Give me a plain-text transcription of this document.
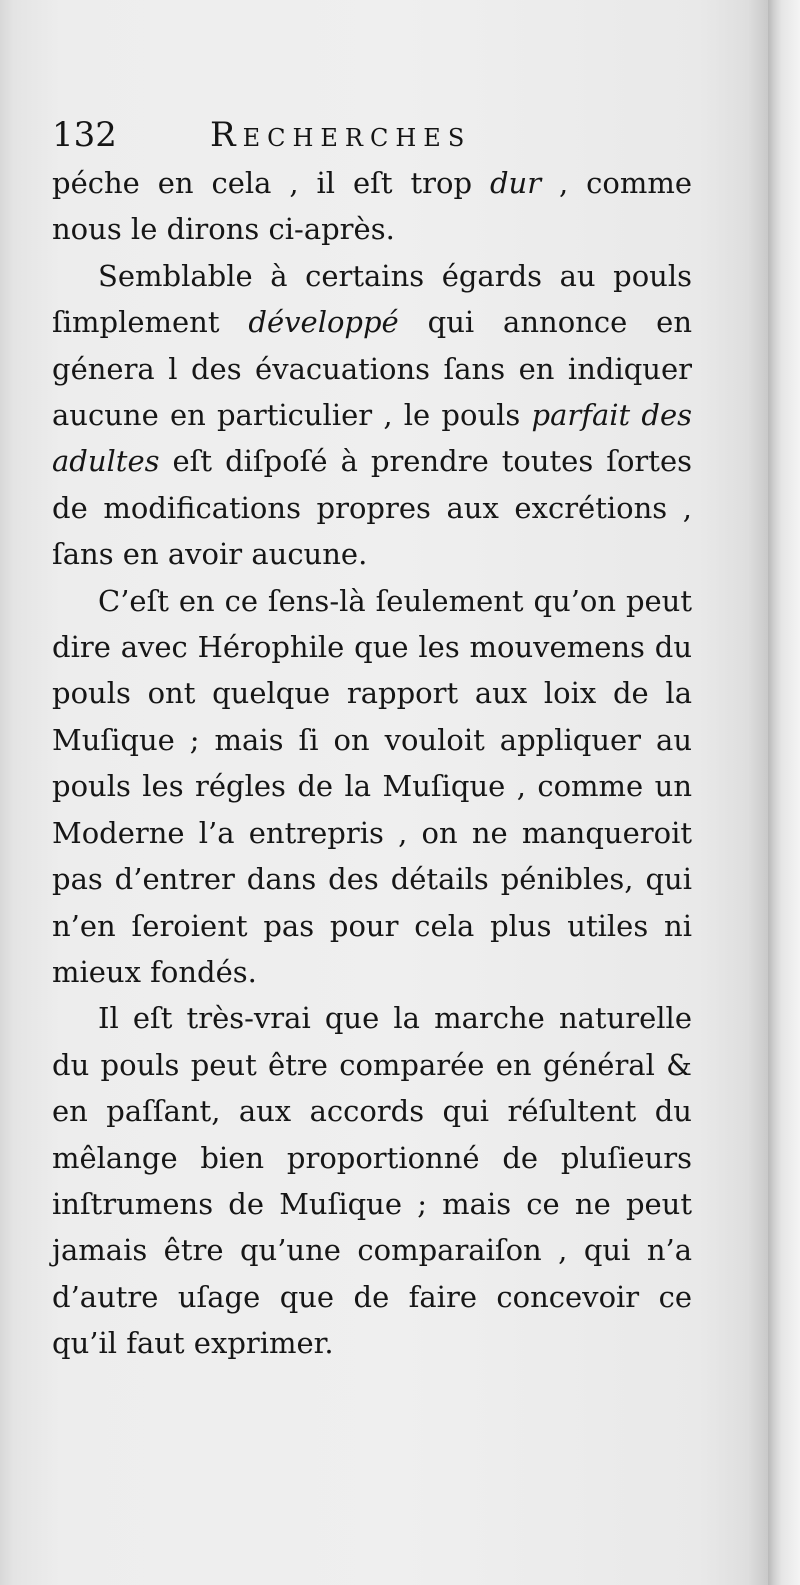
132	Recherches

péche en cela , il eſt trop dur , comme nous le dirons ci-après.

Semblable à certains égards au pouls ſimplement développé qui annonce en génera l des évacuations ſans en indiquer aucune en particulier , le pouls parfait des adultes eſt diſpoſé à prendre toutes ſortes de modifications propres aux excrétions , ſans en avoir aucune.

C’eſt en ce ſens-là ſeulement qu’on peut dire avec Hérophile que les mouvemens du pouls ont quelque rapport aux loix de la Muſique ; mais ſi on vouloit appliquer au pouls les régles de la Muſique , comme un Moderne l’a entrepris , on ne manqueroit pas d’entrer dans des détails pénibles, qui n’en ſeroient pas pour cela plus utiles ni mieux fondés.

Il eſt très-vrai que la marche naturelle du pouls peut être comparée en général & en paſſant, aux accords qui réſultent du mêlange bien proportionné de pluſieurs inſtrumens de Muſique ; mais ce ne peut jamais être qu’une comparaiſon , qui n’a d’autre uſage que de faire concevoir ce qu’il faut exprimer.
